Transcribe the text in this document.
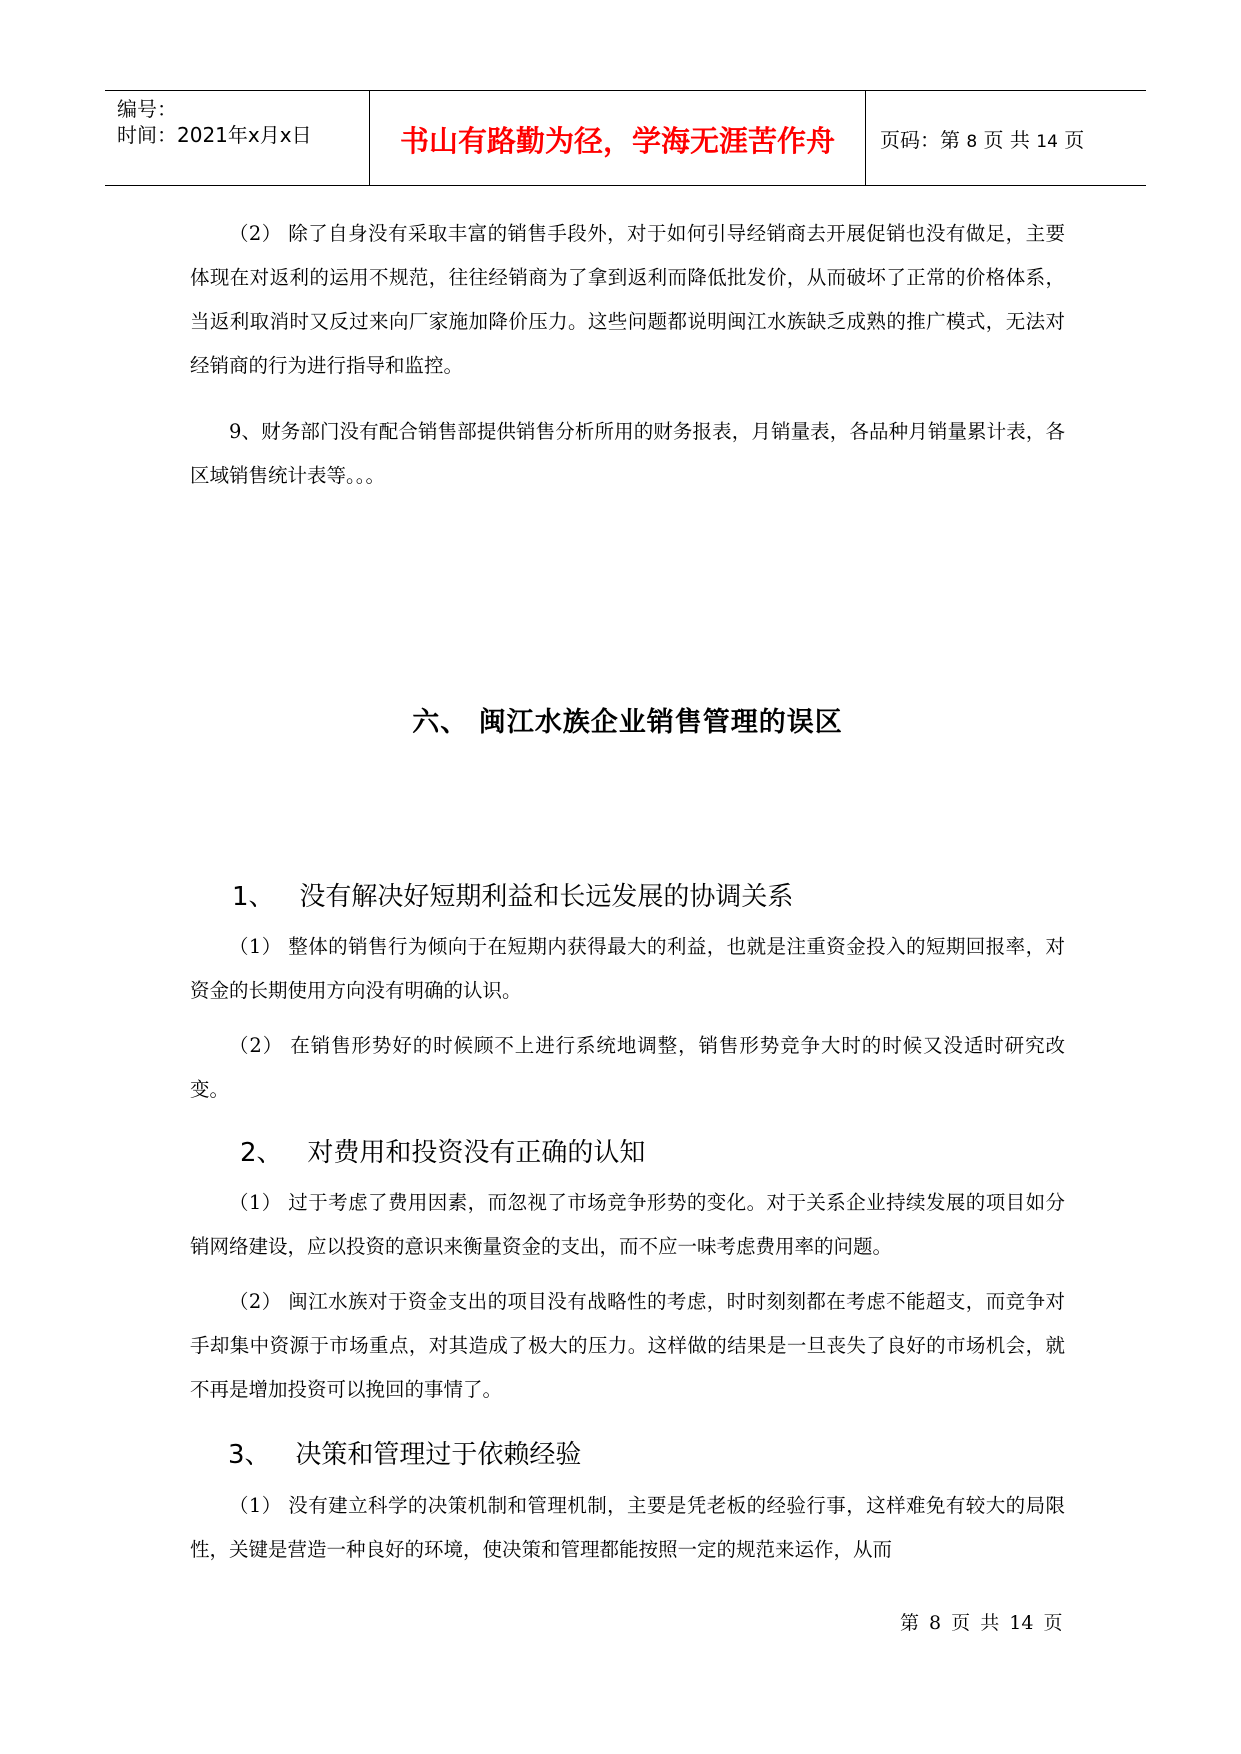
编号：
时间：2021年x月x日	书山有路勤为径，学海无涯苦作舟	页码：第 8 页 共 14 页

（2） 除了自身没有采取丰富的销售手段外，对于如何引导经销商去开展促销也没有做足，主要体现在对返利的运用不规范，往往经销商为了拿到返利而降低批发价，从而破坏了正常的价格体系，当返利取消时又反过来向厂家施加降价压力。这些问题都说明闽江水族缺乏成熟的推广模式，无法对经销商的行为进行指导和监控。

9、财务部门没有配合销售部提供销售分析所用的财务报表，月销量表，各品种月销量累计表，各区域销售统计表等。。。

六、 闽江水族企业销售管理的误区
1、 没有解决好短期利益和长远发展的协调关系

（1） 整体的销售行为倾向于在短期内获得最大的利益，也就是注重资金投入的短期回报率，对资金的长期使用方向没有明确的认识。

（2） 在销售形势好的时候顾不上进行系统地调整，销售形势竞争大时的时候又没适时研究改变。

2、 对费用和投资没有正确的认知

（1） 过于考虑了费用因素，而忽视了市场竞争形势的变化。对于关系企业持续发展的项目如分销网络建设，应以投资的意识来衡量资金的支出，而不应一味考虑费用率的问题。

（2） 闽江水族对于资金支出的项目没有战略性的考虑，时时刻刻都在考虑不能超支，而竞争对手却集中资源于市场重点，对其造成了极大的压力。这样做的结果是一旦丧失了良好的市场机会，就不再是增加投资可以挽回的事情了。

3、 决策和管理过于依赖经验

（1） 没有建立科学的决策机制和管理机制，主要是凭老板的经验行事，这样难免有较大的局限性，关键是营造一种良好的环境，使决策和管理都能按照一定的规范来运作，从而

第 8 页 共 14 页
